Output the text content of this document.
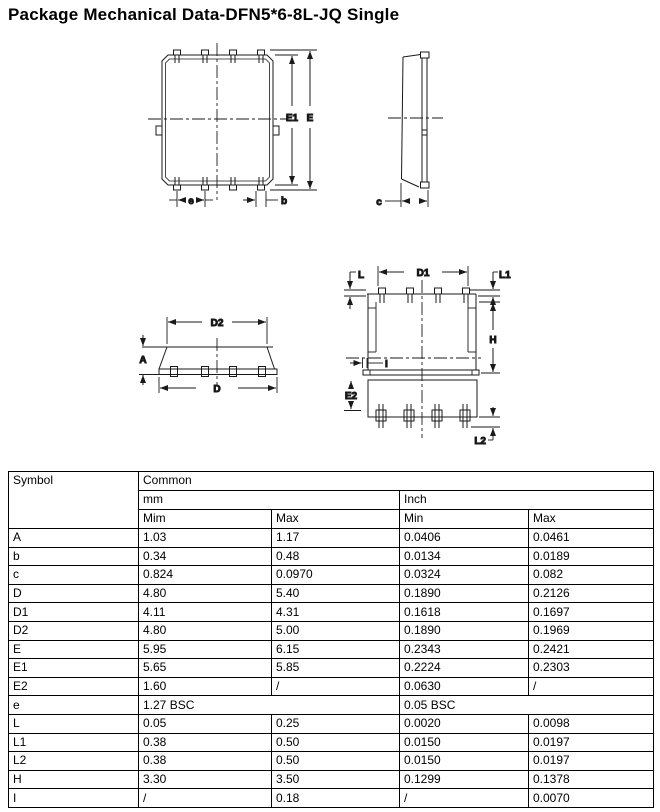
Package Mechanical Data-DFN5*6-8L-JQ Single
E1 E
e	b	c
D2
A
D
D1
L	L1
H
E2
I
L2
Symbol	Common			
	mm		Inch	
	Mim	Max	Min	Max
A	1.03	1.17	0.0406	0.0461
b	0.34	0.48	0.0134	0.0189
c	0.824	0.0970	0.0324	0.082
D	4.80	5.40	0.1890	0.2126
D1	4.11	4.31	0.1618	0.1697
D2	4.80	5.00	0.1890	0.1969
E	5.95	6.15	0.2343	0.2421
E1	5.65	5.85	0.2224	0.2303
E2	1.60	/	0.0630	/
e	1.27 BSC		0.05 BSC	
L	0.05	0.25	0.0020	0.0098
L1	0.38	0.50	0.0150	0.0197
L2	0.38	0.50	0.0150	0.0197
H	3.30	3.50	0.1299	0.1378
I	/	0.18	/	0.0070
